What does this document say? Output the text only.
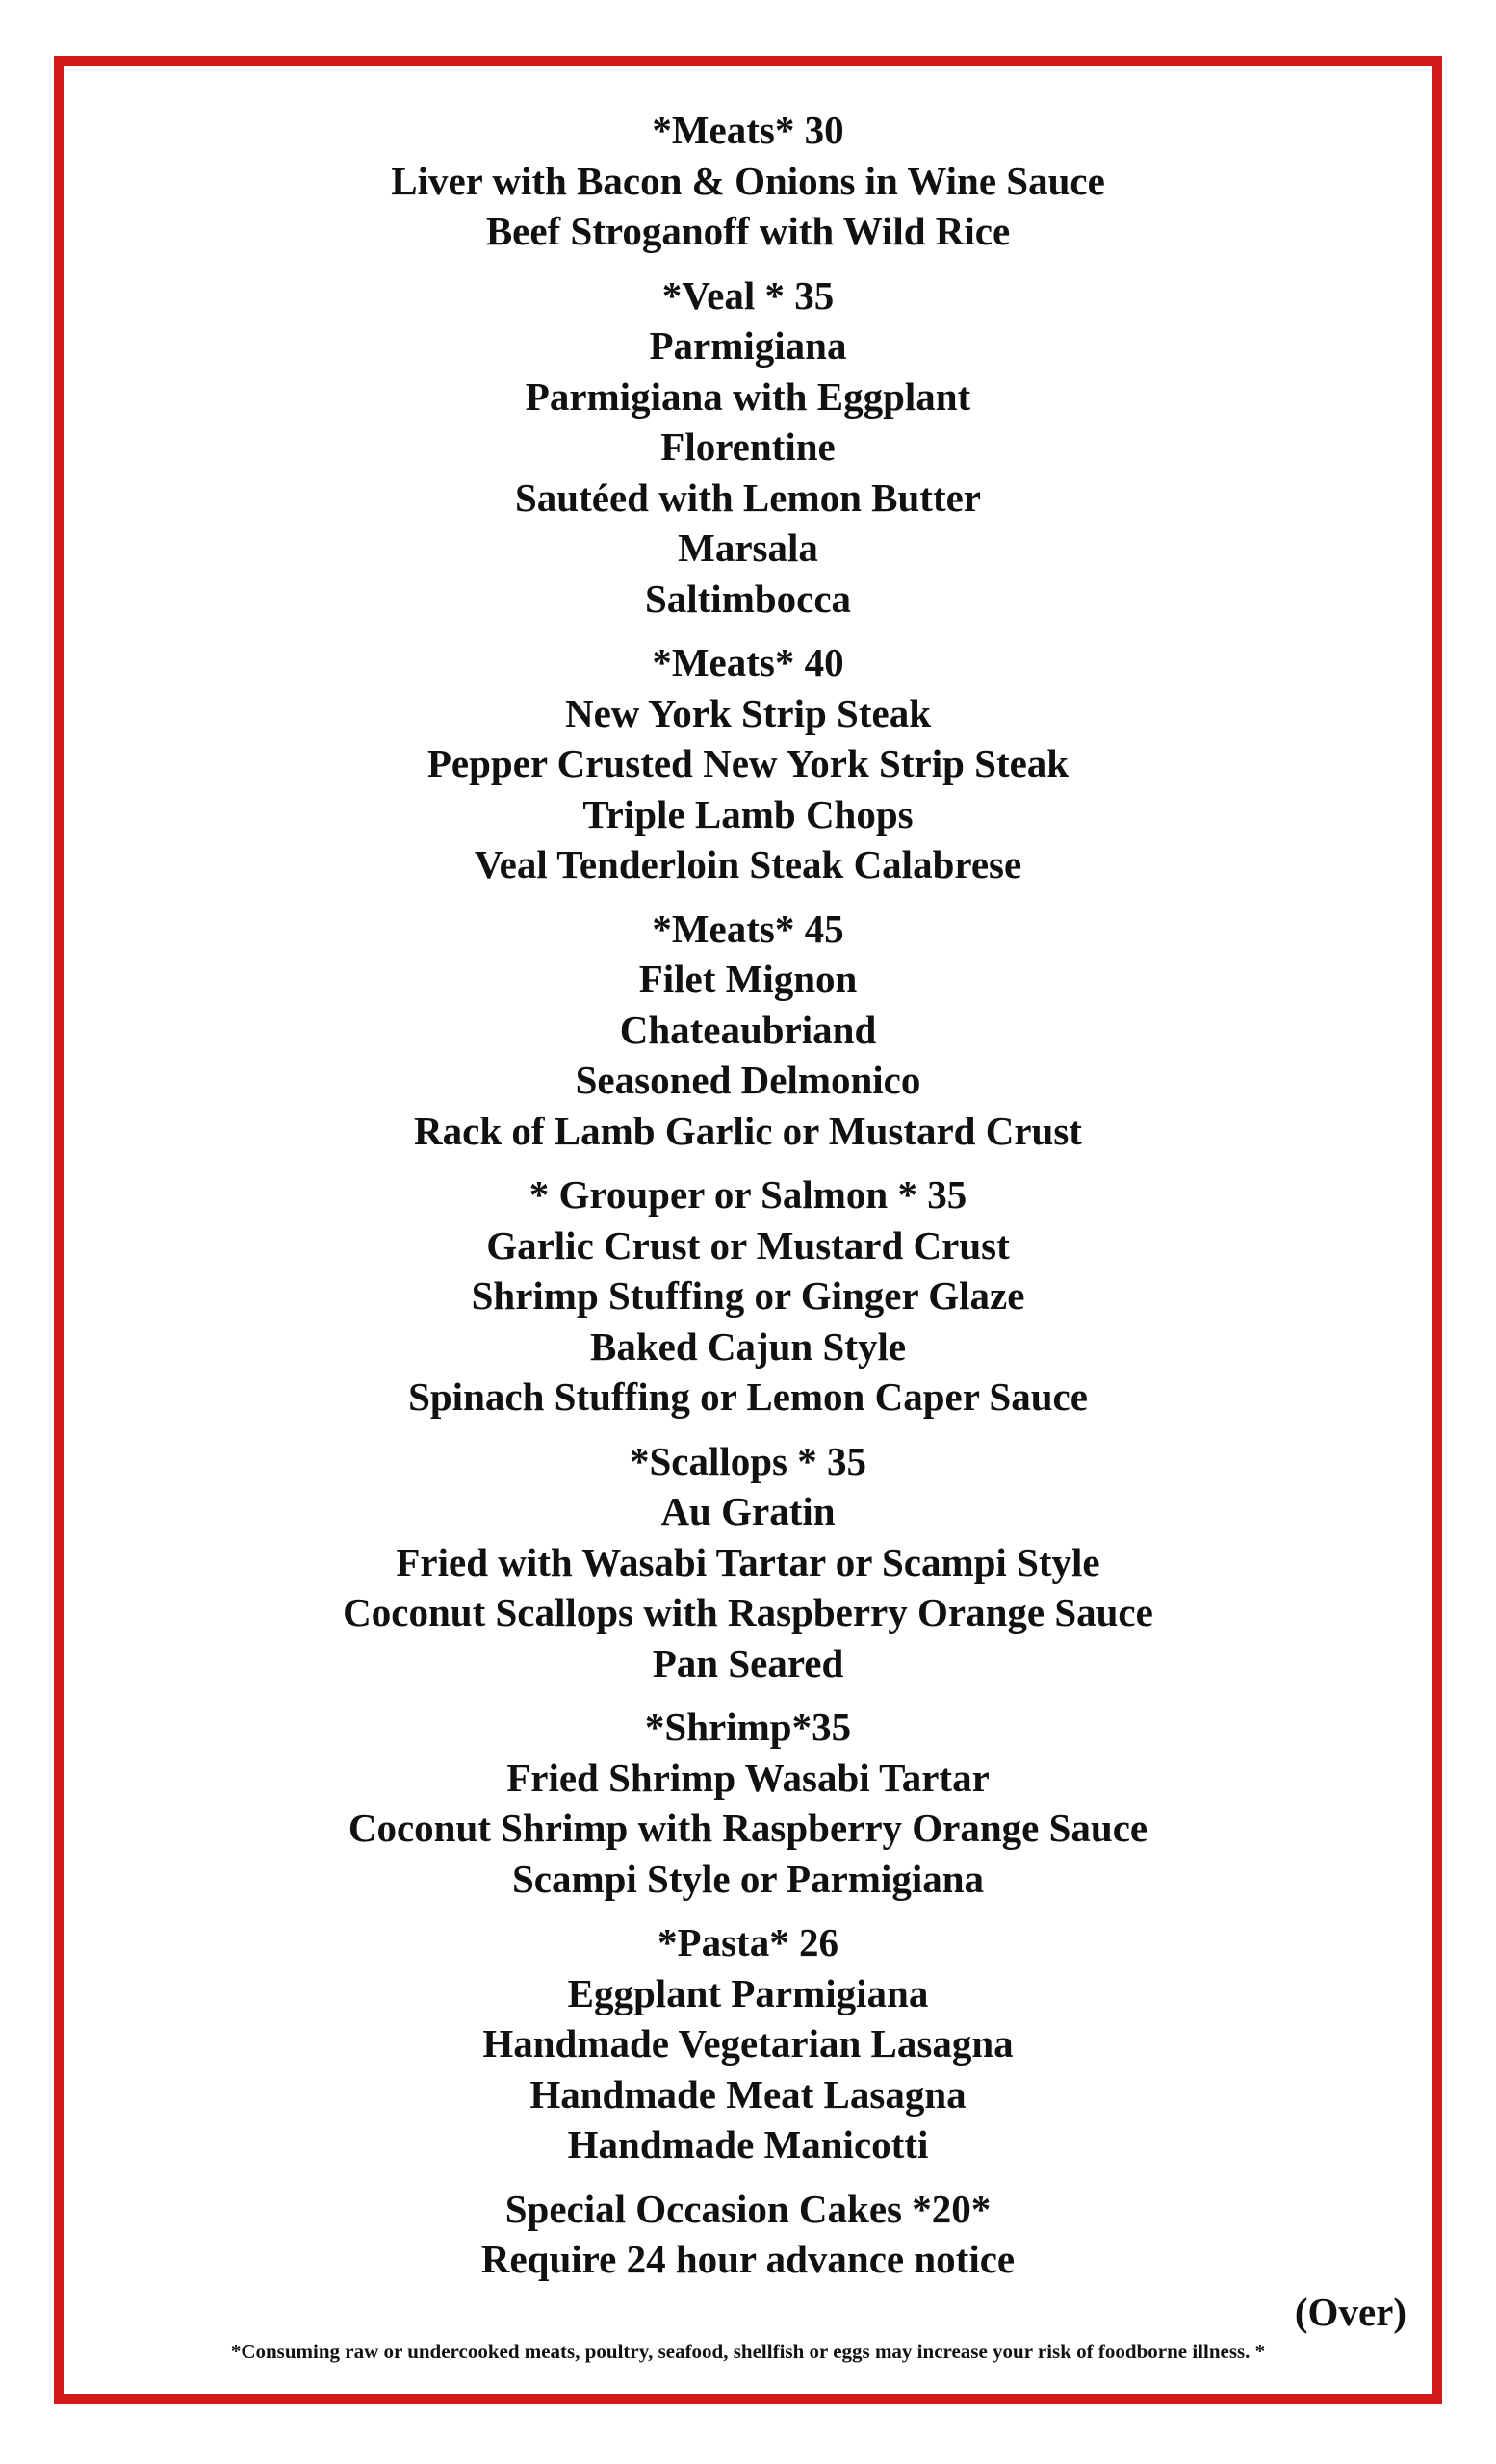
*Meats* 30
Liver with Bacon & Onions in Wine Sauce
Beef Stroganoff with Wild Rice
*Veal * 35
Parmigiana
Parmigiana with Eggplant
Florentine
Sautéed with Lemon Butter
Marsala
Saltimbocca
*Meats* 40
New York Strip Steak
Pepper Crusted New York Strip Steak
Triple Lamb Chops
Veal Tenderloin Steak Calabrese
*Meats* 45
Filet Mignon
Chateaubriand
Seasoned Delmonico
Rack of Lamb Garlic or Mustard Crust
* Grouper or Salmon * 35
Garlic Crust or Mustard Crust
Shrimp Stuffing or Ginger Glaze
Baked Cajun Style
Spinach Stuffing or Lemon Caper Sauce
*Scallops * 35
Au Gratin
Fried with Wasabi Tartar or Scampi Style
Coconut Scallops with Raspberry Orange Sauce
Pan Seared
*Shrimp*35
Fried Shrimp Wasabi Tartar
Coconut Shrimp with Raspberry Orange Sauce
Scampi Style or Parmigiana
*Pasta* 26
Eggplant Parmigiana
Handmade Vegetarian Lasagna
Handmade Meat Lasagna
Handmade Manicotti
Special Occasion Cakes *20*
Require 24 hour advance notice
(Over)
*Consuming raw or undercooked meats, poultry, seafood, shellfish or eggs may increase your risk of foodborne illness. *
